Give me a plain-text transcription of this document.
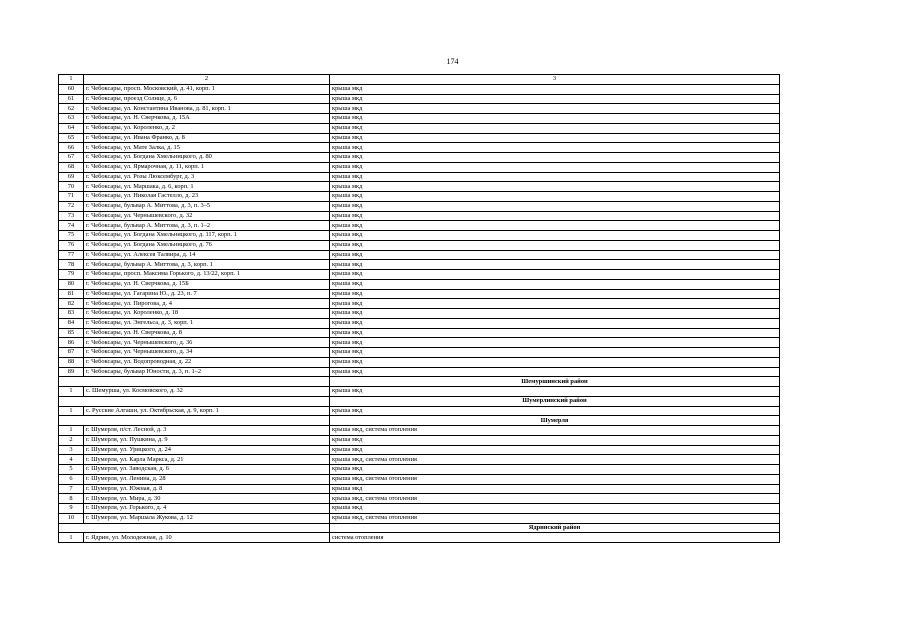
174
1	2	3
60	г. Чебоксары, просп. Московский, д. 41, корп. 1	крыша мкд
61	г. Чебоксары, проезд Солнце, д. 6	крыша мкд
62	г. Чебоксары, ул. Константина Иванова, д. 81, корп. 1	крыша мкд
63	г. Чебоксары, ул. Н. Сверчкова, д. 15А	крыша мкд
64	г. Чебоксары, ул. Короленко, д. 2	крыша мкд
65	г. Чебоксары, ул. Ивана Франко, д. 8	крыша мкд
66	г. Чебоксары, ул. Мате Залка, д. 15	крыша мкд
67	г. Чебоксары, ул. Богдана Хмельницкого, д. 80	крыша мкд
68	г. Чебоксары, ул. Ярмарочная, д. 11, корп. 1	крыша мкд
69	г. Чебоксары, ул. Розы Люксембург, д. 3	крыша мкд
70	г. Чебоксары, ул. Маршака, д. 6, корп. 1	крыша мкд
71	г. Чебоксары, ул. Николая Гастелло, д. 23	крыша мкд
72	г. Чебоксары, бульвар А. Миттова, д. 3, п. 3–5	крыша мкд
73	г. Чебоксары, ул. Чернышевского, д. 32	крыша мкд
74	г. Чебоксары, бульвар А. Миттова, д. 3, п. 1–2	крыша мкд
75	г. Чебоксары, ул. Богдана Хмельницкого, д. 117, корп. 1	крыша мкд
76	г. Чебоксары, ул. Богдана Хмельницкого, д. 76	крыша мкд
77	г. Чебоксары, ул. Алексея Талвира, д. 14	крыша мкд
78	г. Чебоксары, бульвар А. Миттова, д. 3, корп. 1	крыша мкд
79	г. Чебоксары, просп. Максима Горького, д. 13/22, корп. 1	крыша мкд
80	г. Чебоксары, ул. Н. Сверчкова, д. 15Б	крыша мкд
81	г. Чебоксары, ул. Гагарина Ю., д. 23, п. 7	крыша мкд
82	г. Чебоксары, ул. Пирогова, д. 4	крыша мкд
83	г. Чебоксары, ул. Короленко, д. 18	крыша мкд
84	г. Чебоксары, ул. Энгельса, д. 3, корп. 1	крыша мкд
85	г. Чебоксары, ул. Н. Сверчкова, д. 8	крыша мкд
86	г. Чебоксары, ул. Чернышевского, д. 36	крыша мкд
87	г. Чебоксары, ул. Чернышевского, д. 34	крыша мкд
88	г. Чебоксары, ул. Водопроводная, д. 22	крыша мкд
89	г. Чебоксары, бульвар Юности, д. 3, п. 1–2	крыша мкд
		Шемуршинский район
1	с. Шемурша, ул. Космовского, д. 32	крыша мкд
		Шумерлинский район
1	с. Русские Алгаши, ул. Октябрьская, д. 9, корп. 1	крыша мкд
		Шумерля
1	г. Шумерля, п/ст. Лесной, д. 3	крыша мкд, система отопления
2	г. Шумерля, ул. Пушкина, д. 9	крыша мкд
3	г. Шумерля, ул. Урицкого, д. 24	крыша мкд
4	г. Шумерля, ул. Карла Маркса, д. 21	крыша мкд, система отопления
5	г. Шумерля, ул. Заводская, д. 6	крыша мкд
6	г. Шумерля, ул. Ленина, д. 28	крыша мкд, система отопления
7	г. Шумерля, ул. Южная, д. 8	крыша мкд
8	г. Шумерля, ул. Мира, д. 30	крыша мкд, система отопления
9	г. Шумерля, ул. Горького, д. 4	крыша мкд
10	г. Шумерля, ул. Маршала Жукова, д. 12	крыша мкд, система отопления
		Ядринский район
1	г. Ядрин, ул. Молодежная, д. 10	система отопления
